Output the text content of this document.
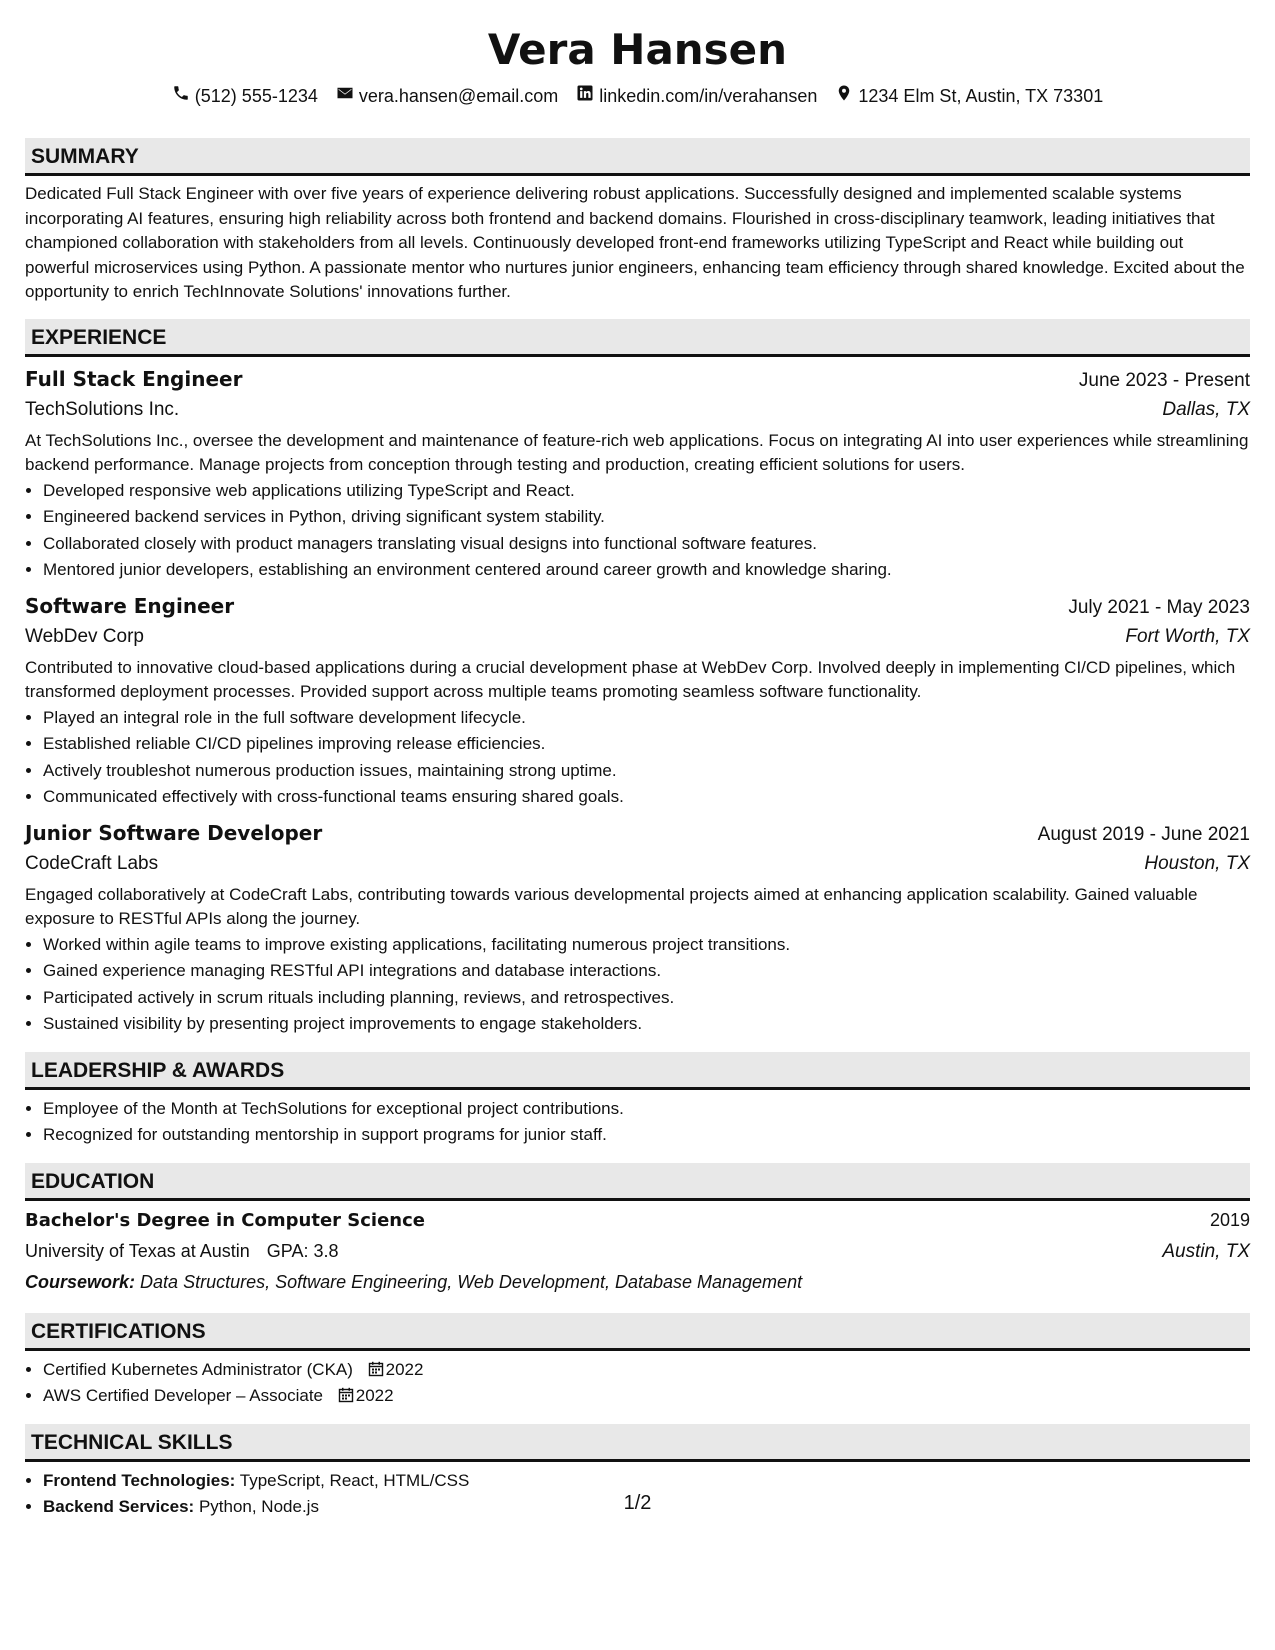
Vera Hansen
(512) 555-1234 vera.hansen@email.com linkedin.com/in/verahansen 1234 Elm St, Austin, TX 73301
SUMMARY

Dedicated Full Stack Engineer with over five years of experience delivering robust applications. Successfully designed and implemented scalable systems incorporating AI features, ensuring high reliability across both frontend and backend domains. Flourished in cross-disciplinary teamwork, leading initiatives that championed collaboration with stakeholders from all levels. Continuously developed front-end frameworks utilizing TypeScript and React while building out powerful microservices using Python. A passionate mentor who nurtures junior engineers, enhancing team efficiency through shared knowledge. Excited about the opportunity to enrich TechInnovate Solutions' innovations further.

EXPERIENCE
Full Stack Engineer	June 2023 - Present
TechSolutions Inc.	Dallas, TX

At TechSolutions Inc., oversee the development and maintenance of feature-rich web applications. Focus on integrating AI into user experiences while streamlining backend performance. Manage projects from conception through testing and production, creating efficient solutions for users.

• Developed responsive web applications utilizing TypeScript and React.
• Engineered backend services in Python, driving significant system stability.
• Collaborated closely with product managers translating visual designs into functional software features.
• Mentored junior developers, establishing an environment centered around career growth and knowledge sharing.
Software Engineer	July 2021 - May 2023
WebDev Corp	Fort Worth, TX

Contributed to innovative cloud-based applications during a crucial development phase at WebDev Corp. Involved deeply in implementing CI/CD pipelines, which transformed deployment processes. Provided support across multiple teams promoting seamless software functionality.

• Played an integral role in the full software development lifecycle.
• Established reliable CI/CD pipelines improving release efficiencies.
• Actively troubleshot numerous production issues, maintaining strong uptime.
• Communicated effectively with cross-functional teams ensuring shared goals.
Junior Software Developer	August 2019 - June 2021
CodeCraft Labs	Houston, TX

Engaged collaboratively at CodeCraft Labs, contributing towards various developmental projects aimed at enhancing application scalability. Gained valuable exposure to RESTful APIs along the journey.

• Worked within agile teams to improve existing applications, facilitating numerous project transitions.
• Gained experience managing RESTful API integrations and database interactions.
• Participated actively in scrum rituals including planning, reviews, and retrospectives.
• Sustained visibility by presenting project improvements to engage stakeholders.
LEADERSHIP & AWARDS
• Employee of the Month at TechSolutions for exceptional project contributions.
• Recognized for outstanding mentorship in support programs for junior staff.
EDUCATION
Bachelor's Degree in Computer Science	2019
University of Texas at Austin GPA: 3.8	Austin, TX
Coursework: Data Structures, Software Engineering, Web Development, Database Management
CERTIFICATIONS
• Certified Kubernetes Administrator (CKA) 2022
• AWS Certified Developer – Associate 2022
TECHNICAL SKILLS
• Frontend Technologies: TypeScript, React, HTML/CSS
• Backend Services: Python, Node.js	1/2
